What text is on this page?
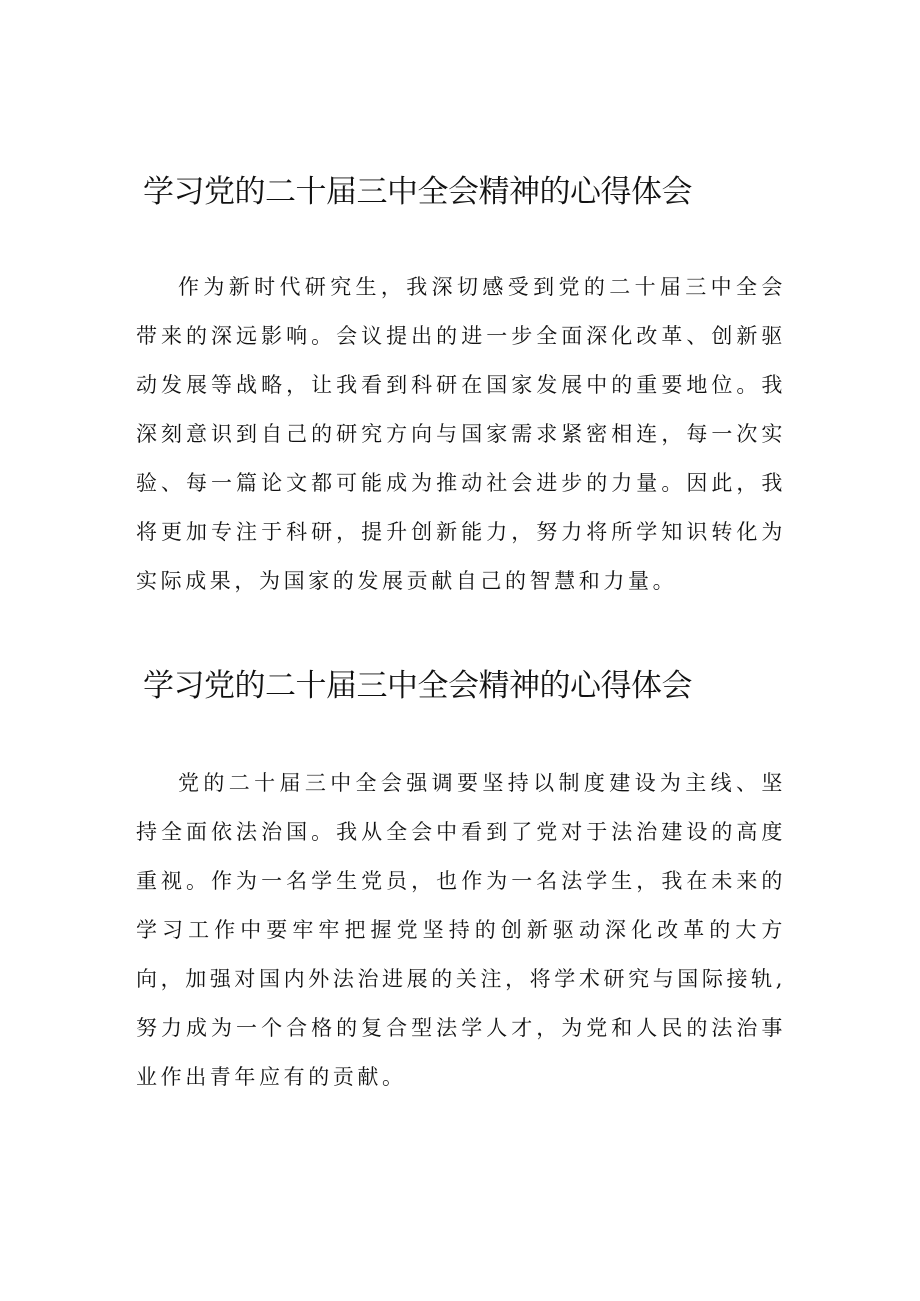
学习党的二十届三中全会精神的心得体会

作为新时代研究生，我深切感受到党的二十届三中全会带来的深远影响。会议提出的进一步全面深化改革、创新驱动发展等战略，让我看到科研在国家发展中的重要地位。我深刻意识到自己的研究方向与国家需求紧密相连，每一次实验、每一篇论文都可能成为推动社会进步的力量。因此，我将更加专注于科研，提升创新能力，努力将所学知识转化为实际成果，为国家的发展贡献自己的智慧和力量。

学习党的二十届三中全会精神的心得体会

党的二十届三中全会强调要坚持以制度建设为主线、坚持全面依法治国。我从全会中看到了党对于法治建设的高度重视。作为一名学生党员，也作为一名法学生，我在未来的学习工作中要牢牢把握党坚持的创新驱动深化改革的大方向，加强对国内外法治进展的关注，将学术研究与国际接轨,努力成为一个合格的复合型法学人才，为党和人民的法治事业作出青年应有的贡献。
